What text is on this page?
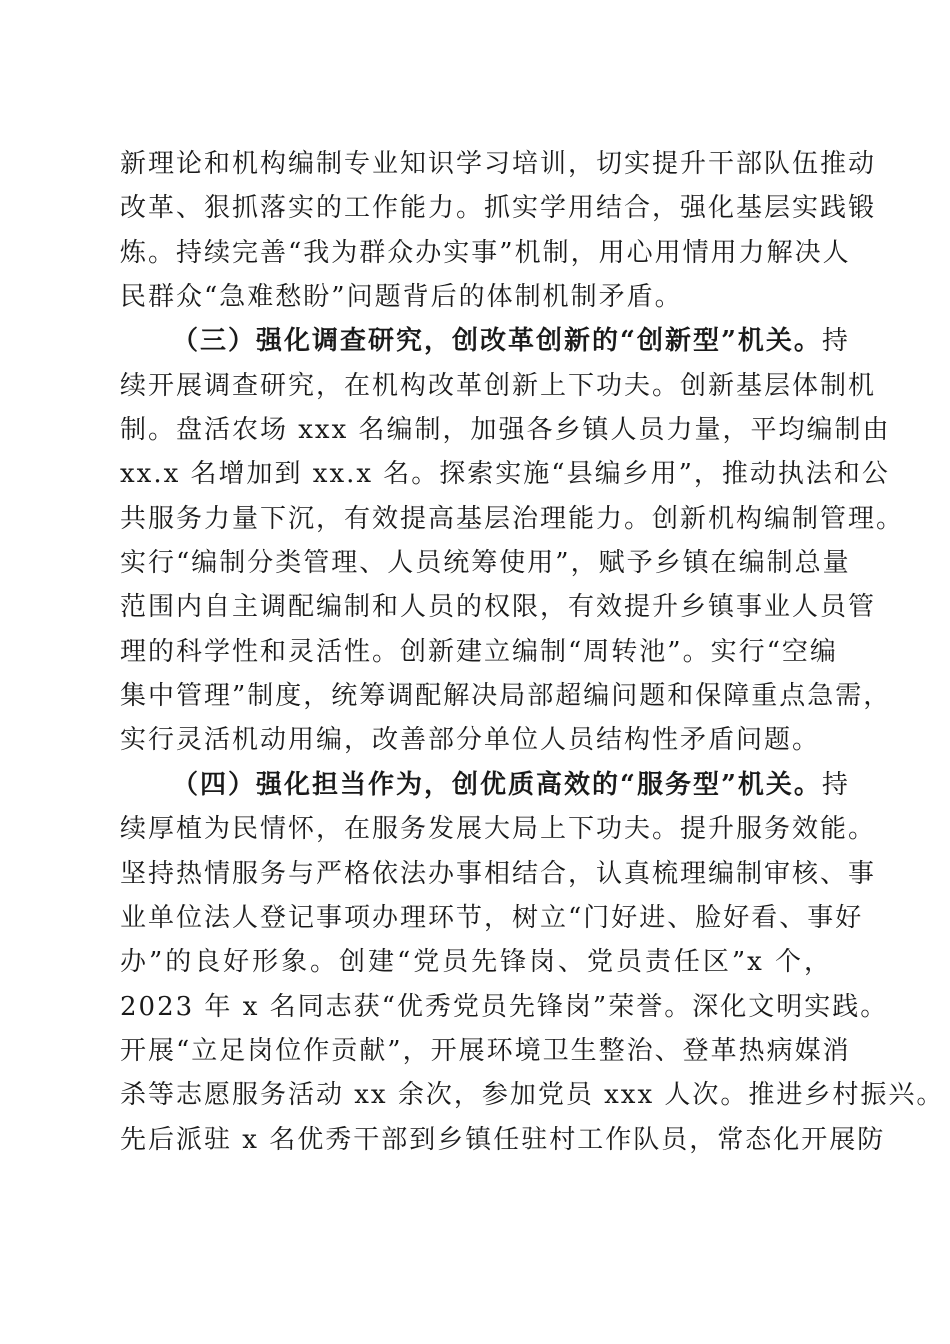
新理论和机构编制专业知识学习培训，切实提升干部队伍推动
改革、狠抓落实的工作能力。抓实学用结合，强化基层实践锻
炼。持续完善“我为群众办实事”机制，用心用情用力解决人
民群众“急难愁盼”问题背后的体制机制矛盾。
（三）强化调查研究，创改革创新的“创新型”机关。持
续开展调查研究，在机构改革创新上下功夫。创新基层体制机
制。盘活农场 xxx 名编制，加强各乡镇人员力量，平均编制由
xx.x 名增加到 xx.x 名。探索实施“县编乡用”，推动执法和公
共服务力量下沉，有效提高基层治理能力。创新机构编制管理。
实行“编制分类管理、人员统筹使用”，赋予乡镇在编制总量
范围内自主调配编制和人员的权限，有效提升乡镇事业人员管
理的科学性和灵活性。创新建立编制“周转池”。实行“空编
集中管理”制度，统筹调配解决局部超编问题和保障重点急需，
实行灵活机动用编，改善部分单位人员结构性矛盾问题。
（四）强化担当作为，创优质高效的“服务型”机关。持
续厚植为民情怀，在服务发展大局上下功夫。提升服务效能。
坚持热情服务与严格依法办事相结合，认真梳理编制审核、事
业单位法人登记事项办理环节，树立“门好进、脸好看、事好
办”的良好形象。创建“党员先锋岗、党员责任区”x 个，
2023 年 x 名同志获“优秀党员先锋岗”荣誉。深化文明实践。
开展“立足岗位作贡献”，开展环境卫生整治、登革热病媒消
杀等志愿服务活动 xx 余次，参加党员 xxx 人次。推进乡村振兴。
先后派驻 x 名优秀干部到乡镇任驻村工作队员，常态化开展防
